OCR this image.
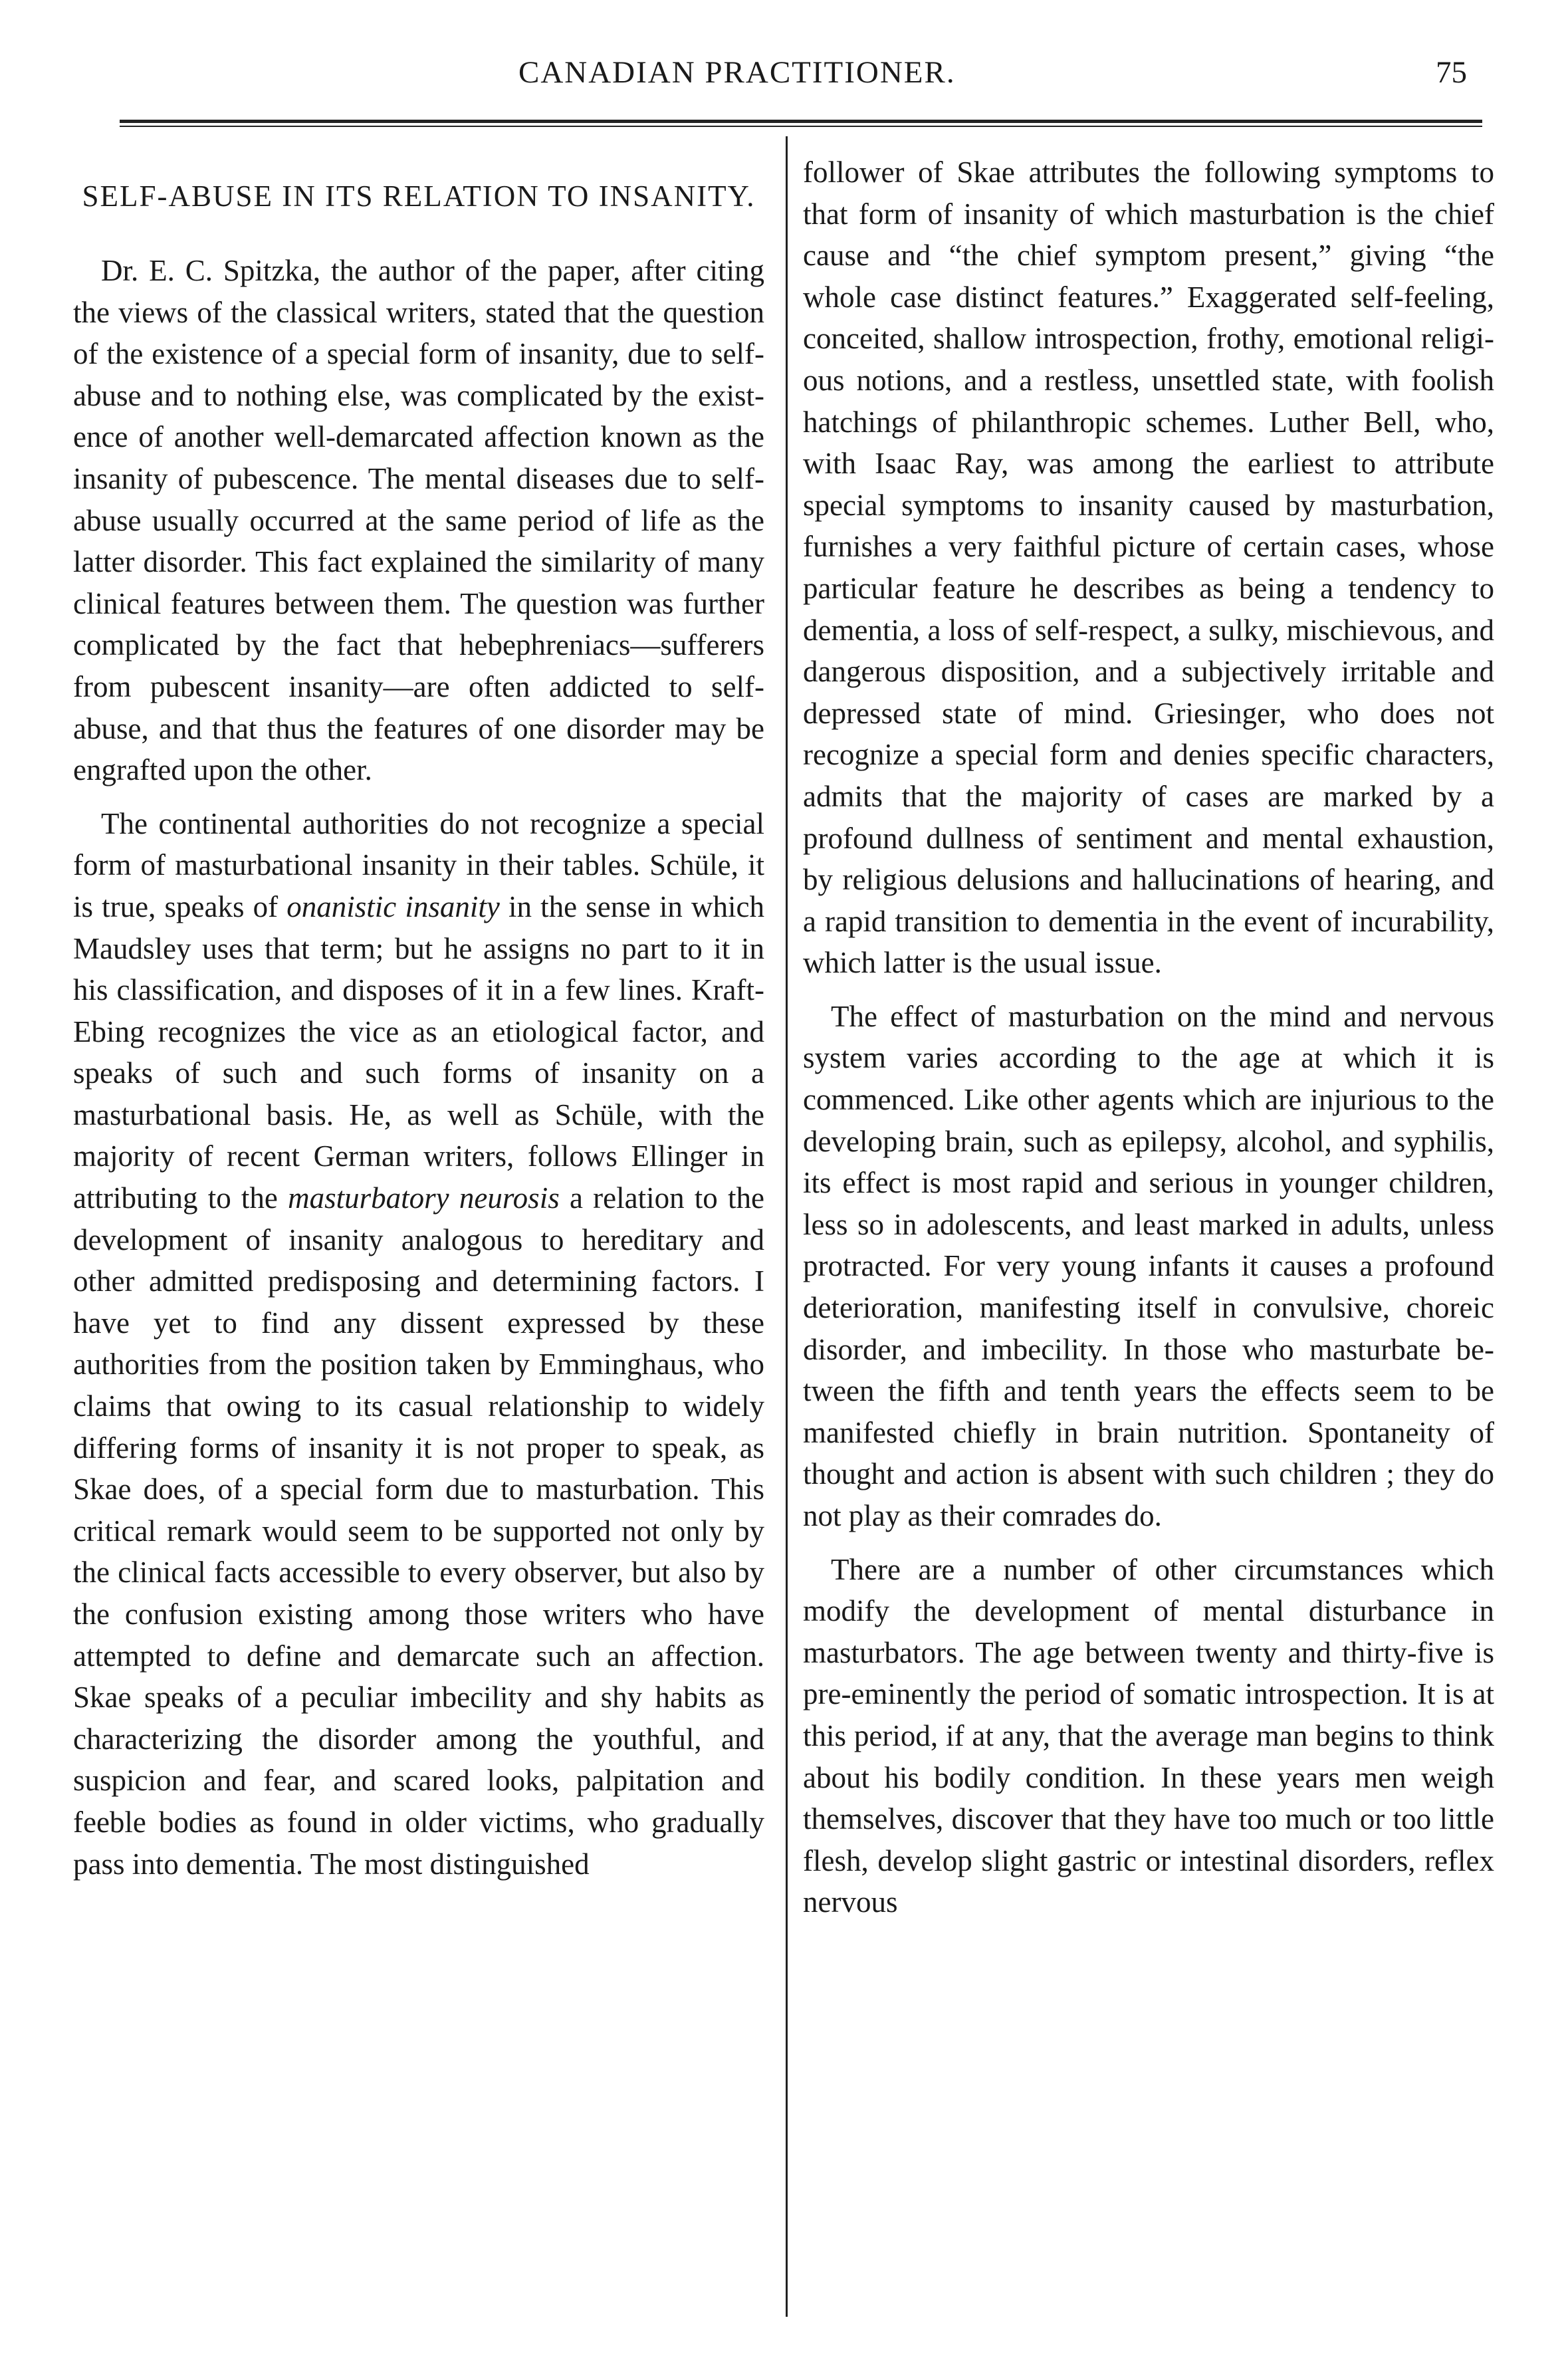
CANADIAN PRACTITIONER.	75
SELF-ABUSE IN ITS RELATION TO INSANITY.

Dr. E. C. Spitzka, the author of the paper, after citing the views of the classical writers, stated that the question of the existence of a special form of insanity, due to self-abuse and to nothing else, was complicated by the existence of another well-demarcated affection known as the insanity of pubescence. The mental diseases due to self-abuse usually occurred at the same period of life as the latter disorder. This fact explained the similarity of many clinical features between them. The question was further complicated by the fact that hebephreniacs—sufferers from pubescent insanity—are often addicted to self-abuse, and that thus the features of one disorder may be engrafted upon the other.

The continental authorities do not recognize a special form of masturbational insanity in their tables. Schüle, it is true, speaks of onanistic insanity in the sense in which Maudsley uses that term; but he assigns no part to it in his classification, and disposes of it in a few lines. Kraft-Ebing recognizes the vice as an etiological factor, and speaks of such and such forms of insanity on a masturbational basis. He, as well as Schüle, with the majority of recent German writers, follows Ellinger in attributing to the masturbatory neurosis a relation to the development of insanity analogous to hereditary and other admitted predisposing and determining factors. I have yet to find any dissent expressed by these authorities from the position taken by Emminghaus, who claims that owing to its casual relationship to widely differing forms of insanity it is not proper to speak, as Skae does, of a special form due to masturbation. This critical remark would seem to be supported not only by the clinical facts accessible to every observer, but also by the confusion existing among those writers who have attempted to define and demarcate such an affection. Skae speaks of a peculiar imbecility and shy habits as characterizing the disorder among the youthful, and suspicion and fear, and scared looks, palpitation and feeble bodies as found in older victims, who gradually pass into dementia. The most distinguished

follower of Skae attributes the following symptoms to that form of insanity of which masturbation is the chief cause and “the chief symptom present,” giving “the whole case distinct features.” Exaggerated self-feeling, conceited, shallow introspection, frothy, emotional religious notions, and a restless, unsettled state, with foolish hatchings of philanthropic schemes. Luther Bell, who, with Isaac Ray, was among the earliest to attribute special symptoms to insanity caused by masturbation, furnishes a very faithful picture of certain cases, whose particular feature he describes as being a tendency to dementia, a loss of self-respect, a sulky, mischievous, and dangerous disposition, and a subjectively irritable and depressed state of mind. Griesinger, who does not recognize a special form and denies specific characters, admits that the majority of cases are marked by a profound dullness of sentiment and mental exhaustion, by religious delusions and hallucinations of hearing, and a rapid transition to dementia in the event of incurability, which latter is the usual issue.

The effect of masturbation on the mind and nervous system varies according to the age at which it is commenced. Like other agents which are injurious to the developing brain, such as epilepsy, alcohol, and syphilis, its effect is most rapid and serious in younger children, less so in adolescents, and least marked in adults, unless protracted. For very young infants it causes a profound deterioration, manifesting itself in convulsive, choreic disorder, and imbecility. In those who masturbate between the fifth and tenth years the effects seem to be manifested chiefly in brain nutrition. Spontaneity of thought and action is absent with such children ; they do not play as their comrades do.

There are a number of other circumstances which modify the development of mental disturbance in masturbators. The age between twenty and thirty-five is pre-eminently the period of somatic introspection. It is at this period, if at any, that the average man begins to think about his bodily condition. In these years men weigh themselves, discover that they have too much or too little flesh, develop slight gastric or intestinal disorders, reflex nervous
